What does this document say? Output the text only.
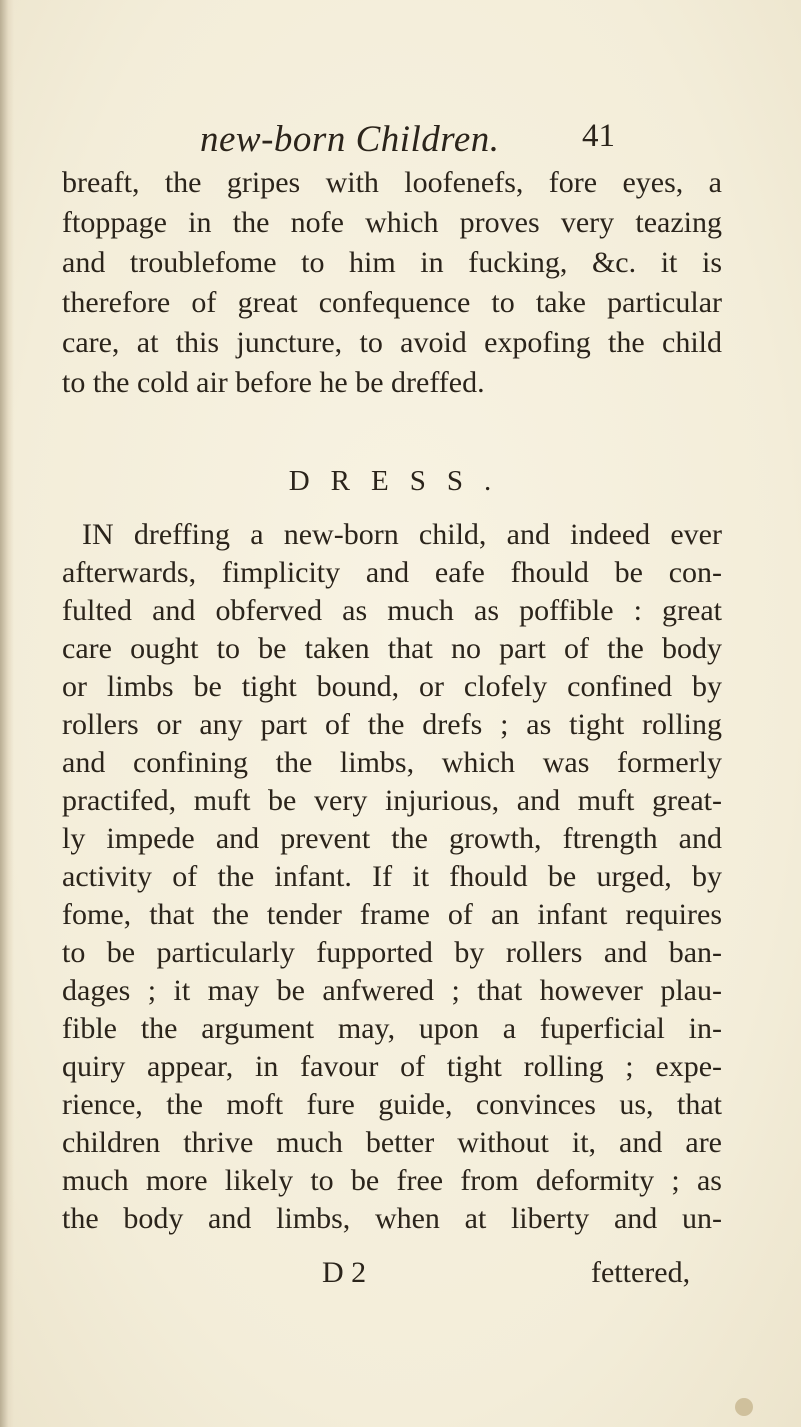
new-born Children. 41
breaft, the gripes with loofenefs, fore eyes, a
ftoppage in the nofe which proves very teazing
and troublefome to him in fucking, &c. it is
therefore of great confequence to take particular
care, at this juncture, to avoid expofing the child
to the cold air before he be dreffed.
DRESS.
IN dreffing a new-born child, and indeed ever
afterwards, fimplicity and eafe fhould be con-
fulted and obferved as much as poffible : great
care ought to be taken that no part of the body
or limbs be tight bound, or clofely confined by
rollers or any part of the drefs ; as tight rolling
and confining the limbs, which was formerly
practifed, muft be very injurious, and muft great-
ly impede and prevent the growth, ftrength and
activity of the infant. If it fhould be urged, by
fome, that the tender frame of an infant requires
to be particularly fupported by rollers and ban-
dages ; it may be anfwered ; that however plau-
fible the argument may, upon a fuperficial in-
quiry appear, in favour of tight rolling ; expe-
rience, the moft fure guide, convinces us, that
children thrive much better without it, and are
much more likely to be free from deformity ; as
the body and limbs, when at liberty and un-
D 2	fettered,
